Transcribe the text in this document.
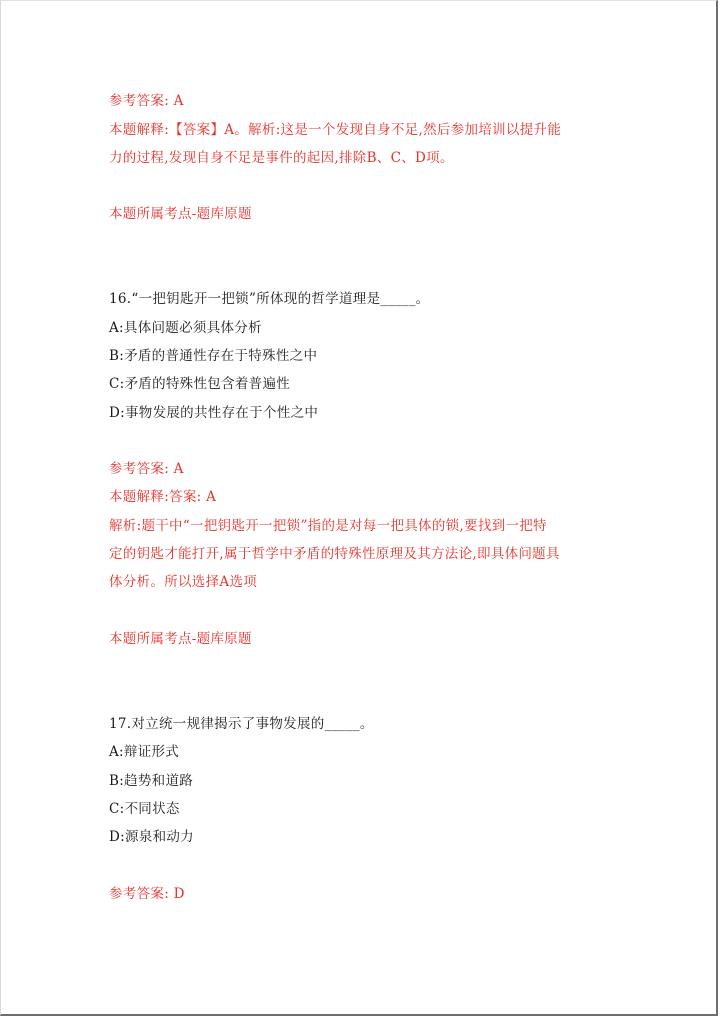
参考答案: A
本题解释:【答案】A。解析:这是一个发现自身不足,然后参加培训以提升能
力的过程,发现自身不足是事件的起因,排除B、C、D项。
本题所属考点-题库原题
16.“一把钥匙开一把锁”所体现的哲学道理是_____。
A:具体问题必须具体分析
B:矛盾的普通性存在于特殊性之中
C:矛盾的特殊性包含着普遍性
D:事物发展的共性存在于个性之中
参考答案: A
本题解释:答案: A
解析:题干中“一把钥匙开一把锁”指的是对每一把具体的锁,要找到一把特
定的钥匙才能打开,属于哲学中矛盾的特殊性原理及其方法论,即具体问题具
体分析。所以选择A选项
本题所属考点-题库原题
17.对立统一规律揭示了事物发展的_____。
A:辩证形式
B:趋势和道路
C:不同状态
D:源泉和动力
参考答案: D
